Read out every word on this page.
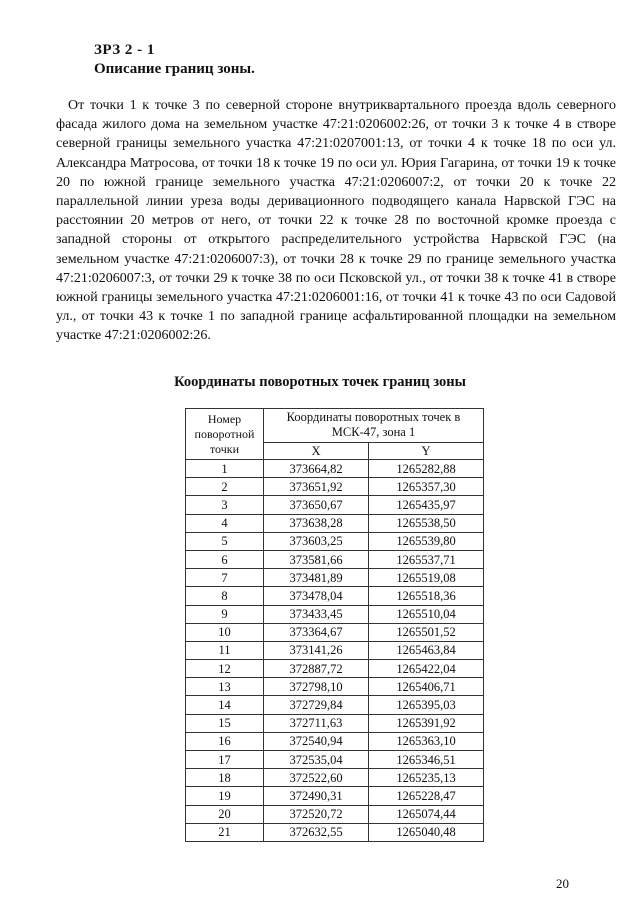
ЗРЗ 2 - 1
Описание границ зоны.

От точки 1 к точке 3 по северной стороне внутриквартального проезда вдоль северного фасада жилого дома на земельном участке 47:21:0206002:26, от точки 3 к точке 4 в створе северной границы земельного участка 47:21:0207001:13, от точки 4 к точке 18 по оси ул. Александра Матросова, от точки 18 к точке 19 по оси ул. Юрия Гагарина, от точки 19 к точке 20 по южной границе земельного участка 47:21:0206007:2, от точки 20 к точке 22 параллельной линии уреза воды деривационного подводящего канала Нарвской ГЭС на расстоянии 20 метров от него, от точки 22 к точке 28 по восточной кромке проезда с западной стороны от открытого распределительного устройства Нарвской ГЭС (на земельном участке 47:21:0206007:3), от точки 28 к точке 29 по границе земельного участка 47:21:0206007:3, от точки 29 к точке 38 по оси Псковской ул., от точки 38 к точке 41 в створе южной границы земельного участка 47:21:0206001:16, от точки 41 к точке 43 по оси Садовой ул., от точки 43 к точке 1 по западной границе асфальтированной площадки на земельном участке 47:21:0206002:26.

Координаты поворотных точек границ зоны
Номер поворотной точки	Координаты поворотных точек в МСК-47, зона 1	
	X	Y
1	373664,82	1265282,88
2	373651,92	1265357,30
3	373650,67	1265435,97
4	373638,28	1265538,50
5	373603,25	1265539,80
6	373581,66	1265537,71
7	373481,89	1265519,08
8	373478,04	1265518,36
9	373433,45	1265510,04
10	373364,67	1265501,52
11	373141,26	1265463,84
12	372887,72	1265422,04
13	372798,10	1265406,71
14	372729,84	1265395,03
15	372711,63	1265391,92
16	372540,94	1265363,10
17	372535,04	1265346,51
18	372522,60	1265235,13
19	372490,31	1265228,47
20	372520,72	1265074,44
21	372632,55	1265040,48
20
